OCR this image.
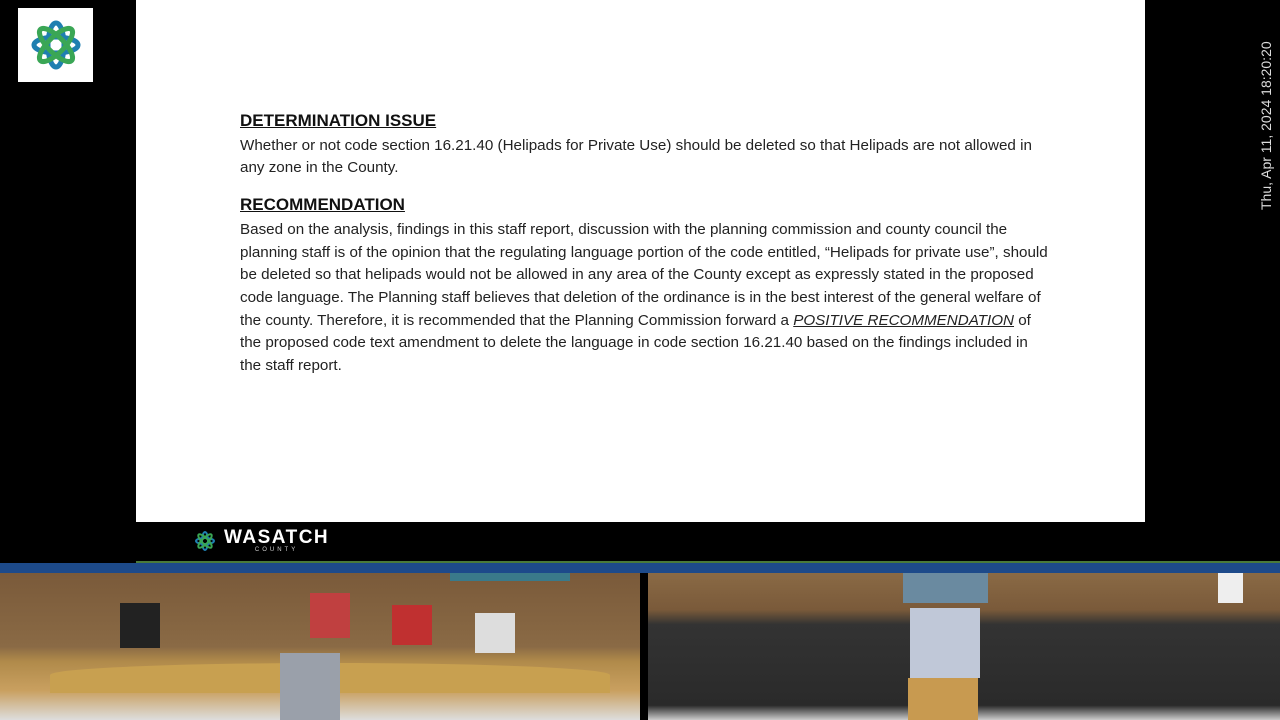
Thu, Apr 11, 2024 18:20:20
DETERMINATION ISSUE

Whether or not code section 16.21.40 (Helipads for Private Use) should be deleted so that Helipads are not allowed in any zone in the County.

RECOMMENDATION

Based on the analysis, findings in this staff report, discussion with the planning commission and county council the planning staff is of the opinion that the regulating language portion of the code entitled, “Helipads for private use”, should be deleted so that helipads would not be allowed in any area of the County except as expressly stated in the proposed code language. The Planning staff believes that deletion of the ordinance is in the best interest of the general welfare of the county. Therefore, it is recommended that the Planning Commission forward a POSITIVE RECOMMENDATION of the proposed code text amendment to delete the language in code section 16.21.40 based on the findings included in the staff report.

WASATCH
COUNTY
